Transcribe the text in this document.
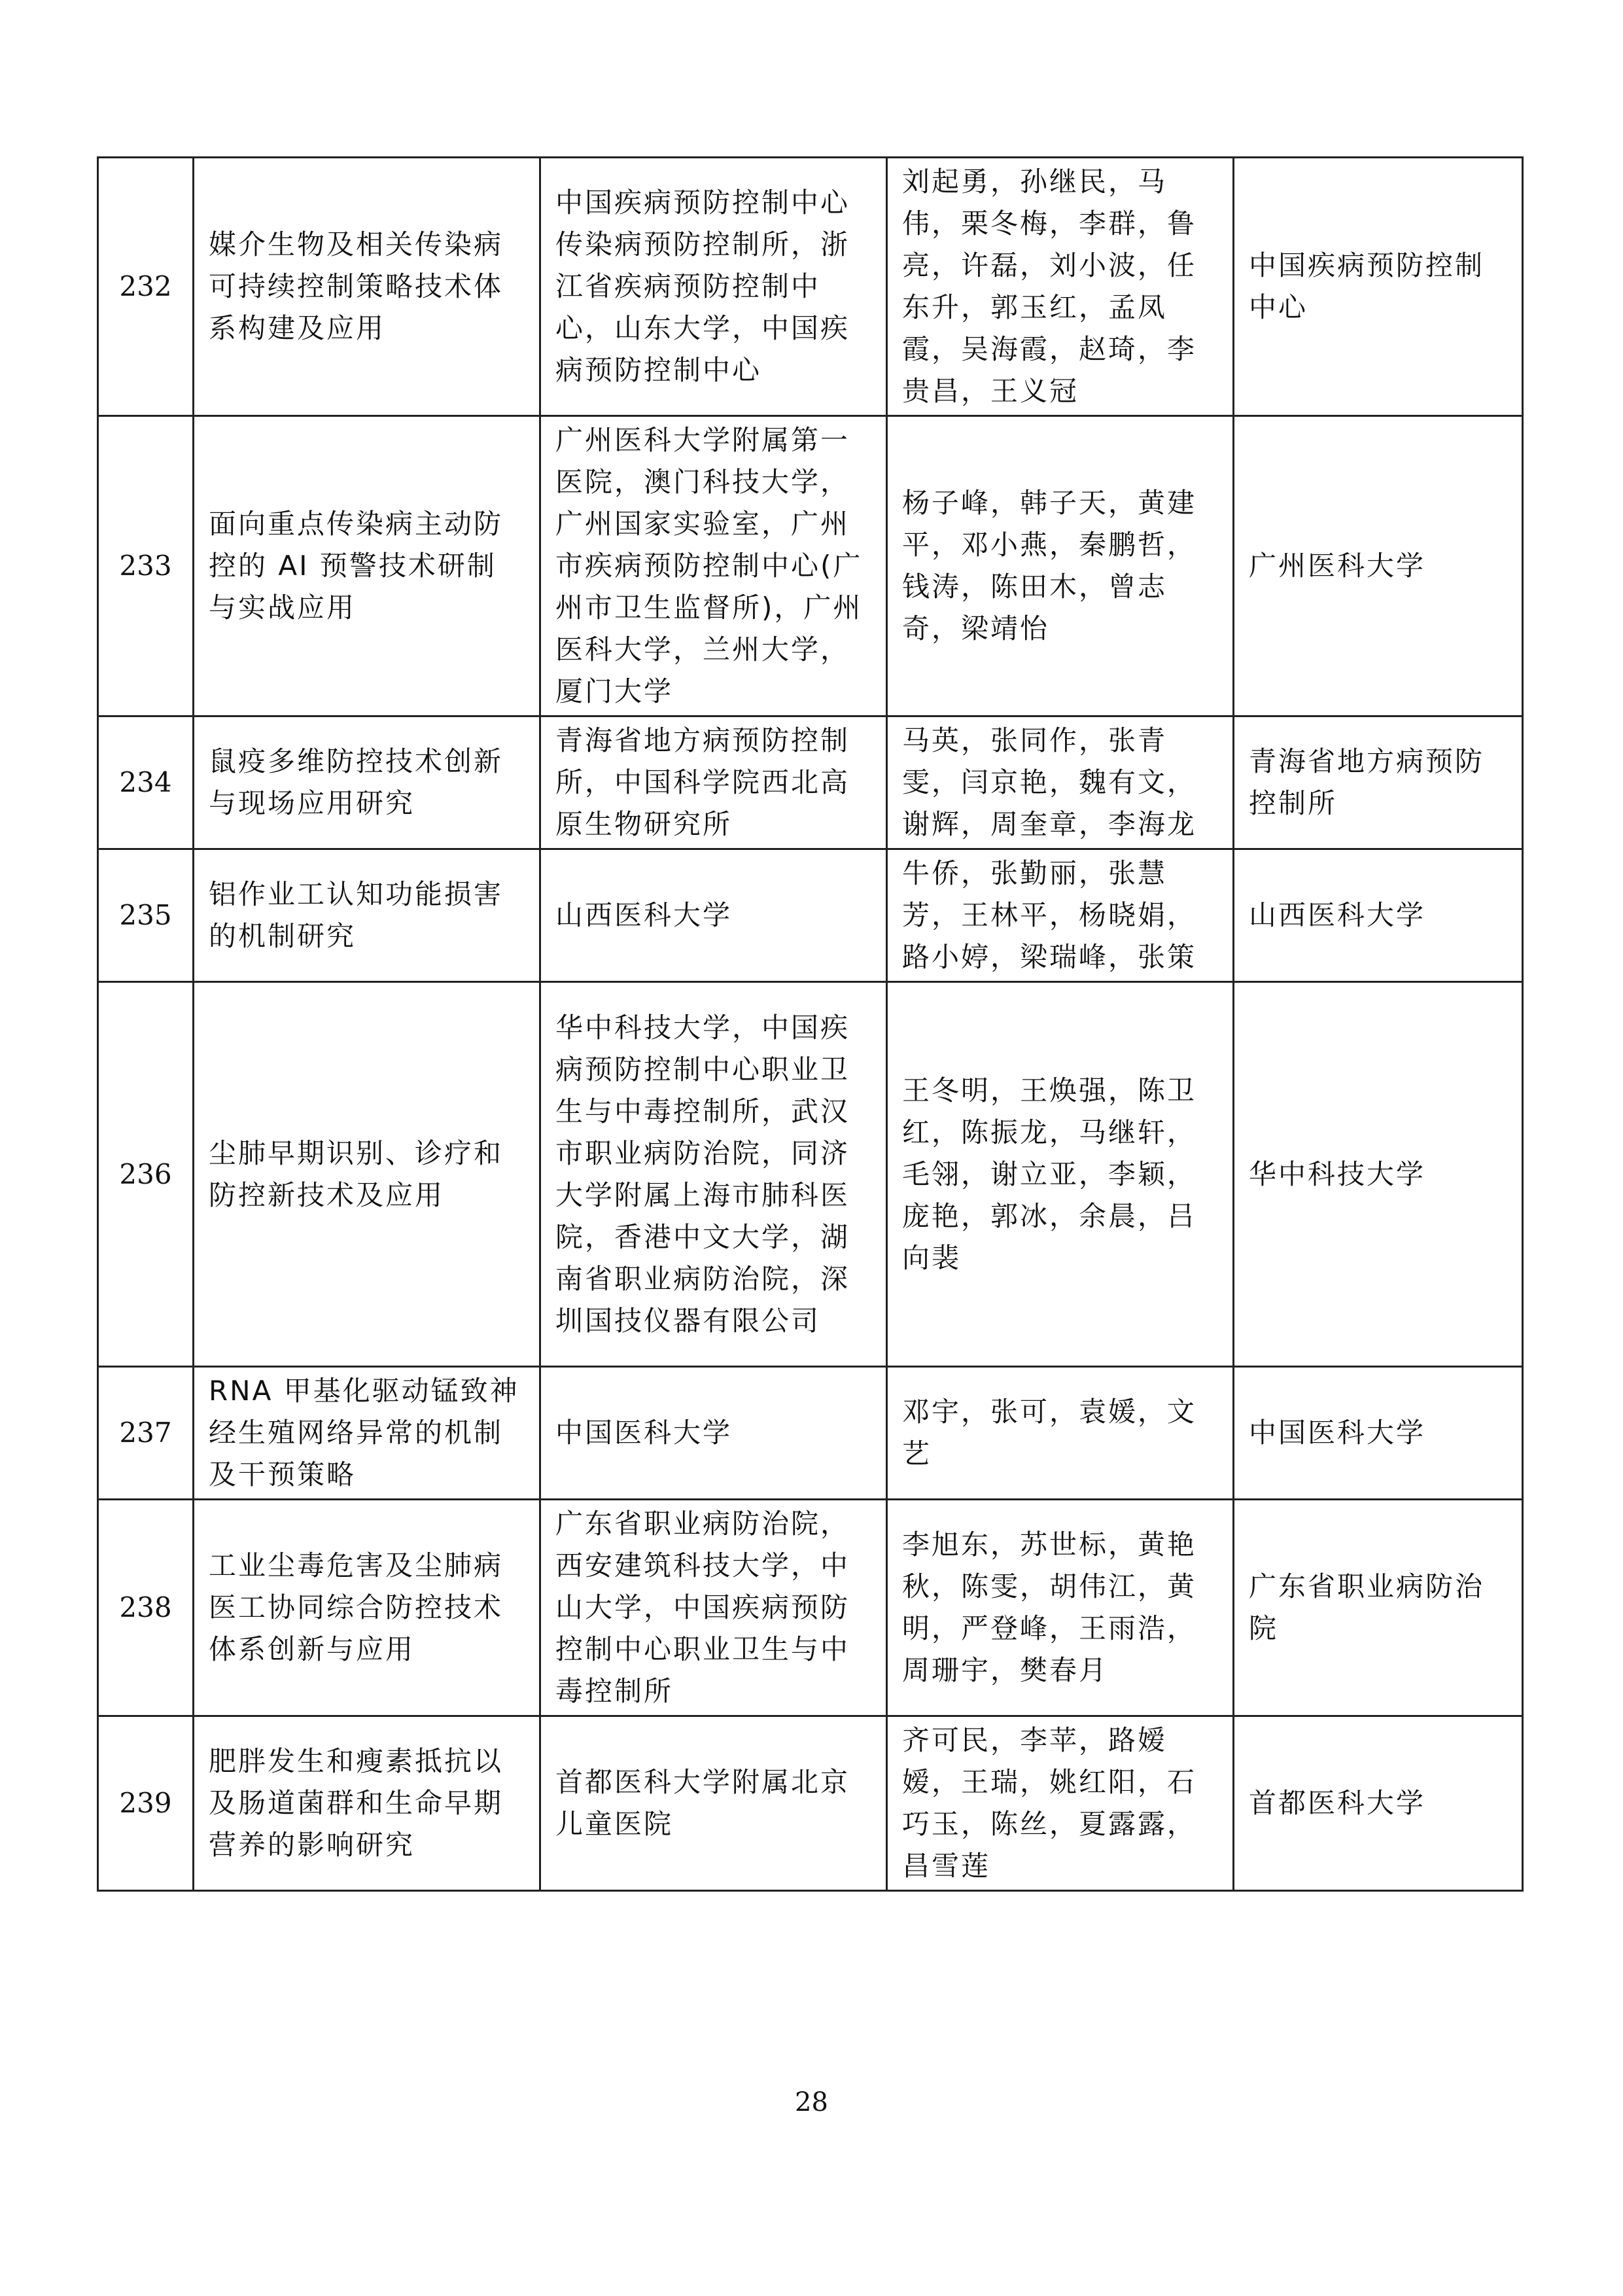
232	媒介生物及相关传染病可持续控制策略技术体系构建及应用	中国疾病预防控制中心传染病预防控制所，浙江省疾病预防控制中心，山东大学，中国疾病预防控制中心	刘起勇，孙继民，马伟，栗冬梅，李群，鲁亮，许磊，刘小波，任东升，郭玉红，孟凤霞，吴海霞，赵琦，李贵昌，王义冠	中国疾病预防控制中心
233	面向重点传染病主动防控的 AI 预警技术研制与实战应用	广州医科大学附属第一医院，澳门科技大学，广州国家实验室，广州市疾病预防控制中心(广州市卫生监督所)，广州医科大学，兰州大学，厦门大学	杨子峰，韩子天，黄建平，邓小燕，秦鹏哲，钱涛，陈田木，曾志奇，梁靖怡	广州医科大学
234	鼠疫多维防控技术创新与现场应用研究	青海省地方病预防控制所，中国科学院西北高原生物研究所	马英，张同作，张青雯，闫京艳，魏有文，谢辉，周奎章，李海龙	青海省地方病预防控制所
235	铝作业工认知功能损害的机制研究	山西医科大学	牛侨，张勤丽，张慧芳，王林平，杨晓娟，路小婷，梁瑞峰，张策	山西医科大学
236	尘肺早期识别、诊疗和防控新技术及应用	华中科技大学，中国疾病预防控制中心职业卫生与中毒控制所，武汉市职业病防治院，同济大学附属上海市肺科医院，香港中文大学，湖南省职业病防治院，深圳国技仪器有限公司	王冬明，王焕强，陈卫红，陈振龙，马继轩，毛翎，谢立亚，李颖，庞艳，郭冰，余晨，吕向裴	华中科技大学
237	RNA 甲基化驱动锰致神经生殖网络异常的机制及干预策略	中国医科大学	邓宇，张可，袁媛，文艺	中国医科大学
238	工业尘毒危害及尘肺病医工协同综合防控技术体系创新与应用	广东省职业病防治院，西安建筑科技大学，中山大学，中国疾病预防控制中心职业卫生与中毒控制所	李旭东，苏世标，黄艳秋，陈雯，胡伟江，黄明，严登峰，王雨浩，周珊宇，樊春月	广东省职业病防治院
239	肥胖发生和瘦素抵抗以及肠道菌群和生命早期营养的影响研究	首都医科大学附属北京儿童医院	齐可民，李苹，路嫒嫒，王瑞，姚红阳，石巧玉，陈丝，夏露露，昌雪莲	首都医科大学
28
